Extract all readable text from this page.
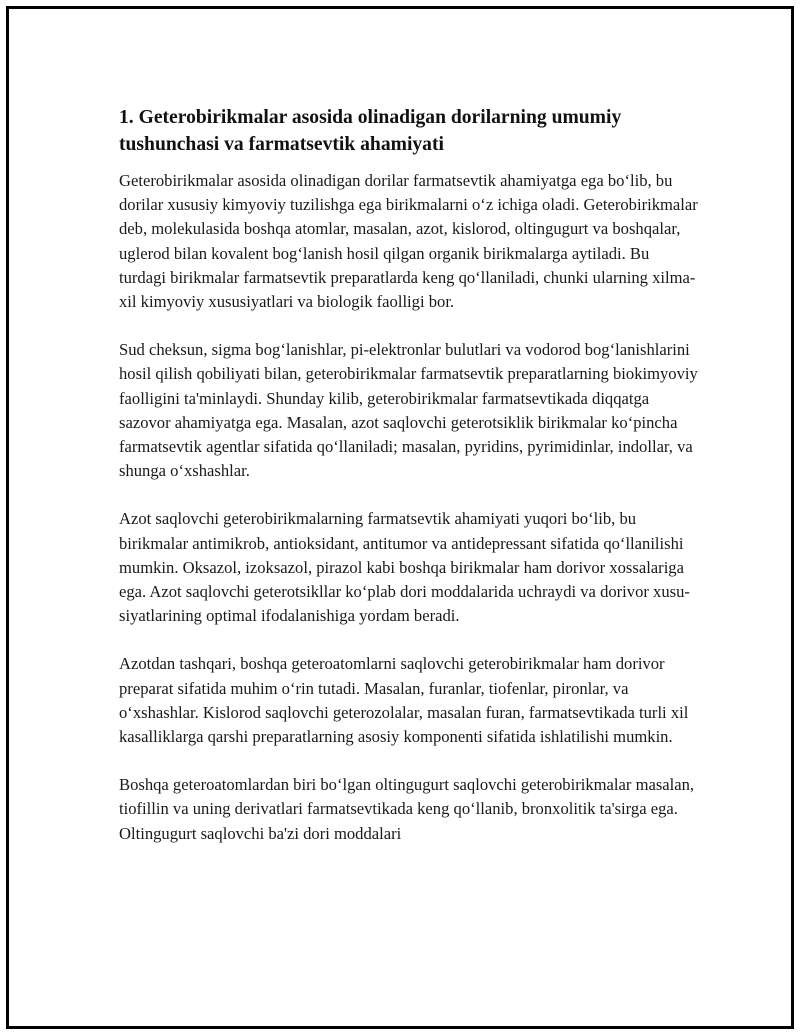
1. Geterobirikmalar asosida olinadigan dorilarning umumiy tushunchasi va farmatsevtik ahamiyati

Geterobirikmalar asosida olinadigan dorilar farmatsevtik ahamiyatga ega bo‘lib, bu dorilar xususiy kimyoviy tuzilishga ega birikmalarni o‘z ichiga oladi. Geterobirikmalar deb, molekulasida boshqa atomlar, masalan, azot, kislorod, oltingugurt va boshqalar, uglerod bilan kovalent bog‘lanish hosil qilgan organik birikmalarga aytiladi. Bu turdagi birikmalar farmatsevtik preparatlarda keng qo‘llaniladi, chunki ularning xilma-xil kimyoviy xususiyatlari va biologik faolligi bor.

Sud cheksun, sigma bog‘lanishlar, pi-elektronlar bulutlari va vodorod bog‘lanishlarini hosil qilish qobiliyati bilan, geterobirikmalar farmatsevtik preparatlarning biokimyoviy faolligini ta'minlaydi. Shunday kilib, geterobirikmalar farmatsevtikada diqqatga sazovor ahamiyatga ega. Masalan, azot saqlovchi geterotsiklik birikmalar ko‘pincha farmatsevtik agentlar sifatida qo‘llaniladi; masalan, pyridins, pyrimidinlar, indollar, va shunga o‘xshashlar.

Azot saqlovchi geterobirikmalarning farmatsevtik ahamiyati yuqori bo‘lib, bu birikmalar antimikrob, antioksidant, antitumor va antidepressant sifatida qo‘llanilishi mumkin. Oksazol, izoksazol, pirazol kabi boshqa birikmalar ham dorivor xossalariga ega. Azot saqlovchi geterotsikllar ko‘plab dori moddalarida uchraydi va dorivor xususiyatlarining optimal ifodalanishiga yordam beradi.

Azotdan tashqari, boshqa geteroatomlarni saqlovchi geterobirikmalar ham dorivor preparat sifatida muhim o‘rin tutadi. Masalan, furanlar, tiofenlar, pironlar, va o‘xshashlar. Kislorod saqlovchi geterozolalar, masalan furan, farmatsevtikada turli xil kasalliklarga qarshi preparatlarning asosiy komponenti sifatida ishlatilishi mumkin.

Boshqa geteroatomlardan biri bo‘lgan oltingugurt saqlovchi geterobirikmalar masalan, tiofillin va uning derivatlari farmatsevtikada keng qo‘llanib, bronxolitik ta'sirga ega. Oltingugurt saqlovchi ba'zi dori moddalari
